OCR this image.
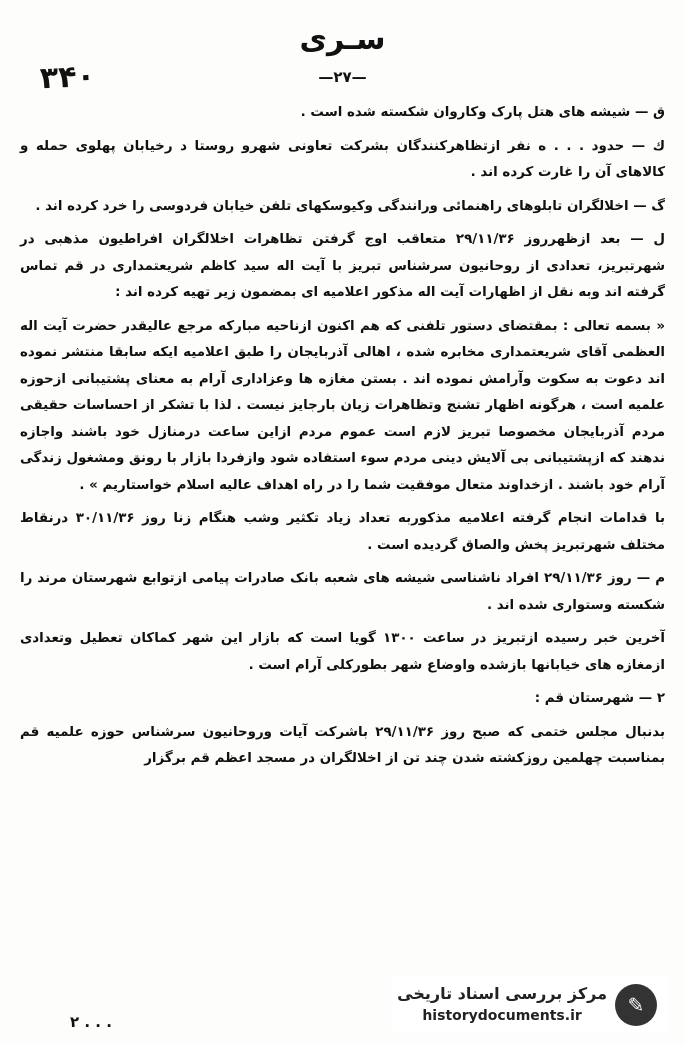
سـرى
۳۴۰	—۲۷—

ق — شیشه های هتل پارک وکاروان شکسته شده است .

ك — حدود . . . ه نفر ازتظاهرکنندگان بشرکت تعاونی شهرو روستا د رخیابان پهلوی حمله و کالاهای آن را غارت کرده اند .

گ — اخلالگران تابلوهای راهنمائی ورانندگی وکیوسکهای تلفن خیابان فردوسی را خرد کرده اند .

ل — بعد ازظهرروز ۲۹/۱۱/۳۶ متعاقب اوج گرفتن تظاهرات اخلالگران افراطیون مذهبی در شهرتبریز، تعدادی از روحانیون سرشناس تبریز با آیت اله سید کاظم شریعتمداری در قم تماس گرفته اند وبه نقل از اظهارات آیت اله مذکور اعلامیه ای بمضمون زیر تهیه کرده اند :

« بسمه تعالی : بمقتضای دستور تلفنی که هم اکنون ازناحیه مبارکه مرجع عالیقدر حضرت آیت اله العظمی آقای شریعتمداری مخابره شده ، اهالی آذربایجان را طبق اعلامیه ایکه سابقا منتشر نموده اند دعوت به سکوت وآرامش نموده اند . بستن مغازه ها وعزاداری آرام به معنای پشتیبانی ازحوزه علمیه است ، هرگونه اظهار تشنج وتظاهرات زیان بارجایز نیست . لذا با تشکر از احساسات حقیقی مردم آذربایجان مخصوصا تبریز لازم است عموم مردم ازاین ساعت درمنازل خود باشند واجازه ندهند که ازپشتیبانی بی آلایش دینی مردم سوء استفاده شود وازفردا بازار با رونق ومشغول زندگی آرام خود باشند . ازخداوند متعال موفقیت شما را در راه اهداف عالیه اسلام خواستاریم » .

با قدامات انجام گرفته اعلامیه مذکوربه تعداد زیاد تکثیر وشب هنگام زنا روز ۳۰/۱۱/۳۶ درنقاط مختلف شهرتبریز پخش والصاق گردیده است .

م — روز ۲۹/۱۱/۳۶ افراد ناشناسی شیشه های شعبه بانک صادرات پیامی ازتوابع شهرستان مرند را شکسته وستواری شده اند .

آخرین خبر رسیده ازتبریز در ساعت ۱۳۰۰ گویا است که بازار این شهر کماکان تعطیل وتعدادی ازمغازه های خیابانها بازشده واوضاع شهر بطورکلی آرام است .

۲ — شهرستان قم :

بدنبال مجلس ختمی که صبح روز ۲۹/۱۱/۳۶ باشرکت آیات وروحانیون سرشناس حوزه علمیه قم بمناسبت چهلمین روزکشته شدن چند تن از اخلالگران در مسجد اعظم قم برگزار

۲ . . .
مرکز بررسی اسناد تاریخی
historydocuments.ir	✎
